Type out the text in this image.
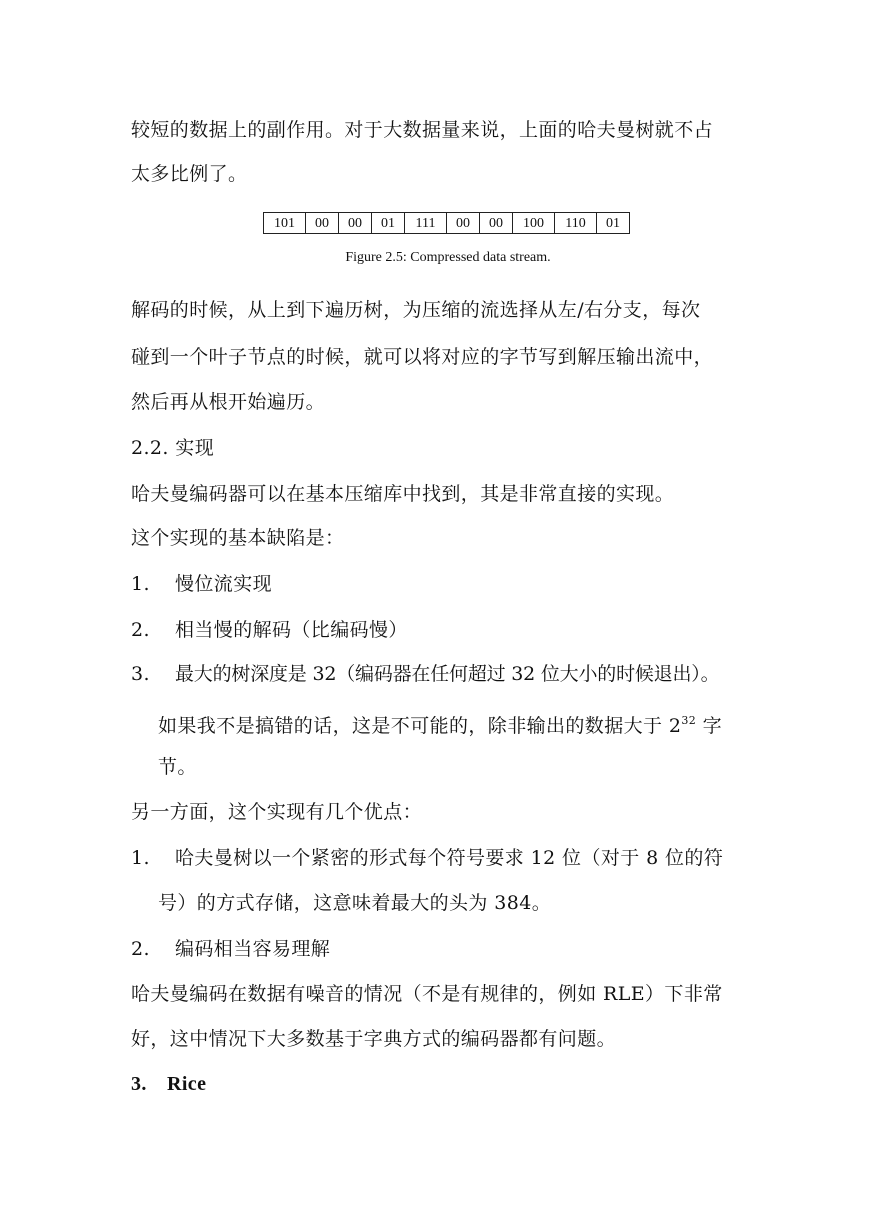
较短的数据上的副作用。对于大数据量来说，上面的哈夫曼树就不占
太多比例了。
101	00	00	01	111	00	00	100	110	01
Figure 2.5: Compressed data stream.
解码的时候，从上到下遍历树，为压缩的流选择从左/右分支，每次
碰到一个叶子节点的时候，就可以将对应的字节写到解压输出流中，
然后再从根开始遍历。
2.2. 实现
哈夫曼编码器可以在基本压缩库中找到，其是非常直接的实现。
这个实现的基本缺陷是：
1. 慢位流实现
2. 相当慢的解码（比编码慢）
3. 最大的树深度是 32（编码器在任何超过 32 位大小的时候退出）。
如果我不是搞错的话，这是不可能的，除非输出的数据大于 $2^{32}$ 字
节。
另一方面，这个实现有几个优点：
1. 哈夫曼树以一个紧密的形式每个符号要求 12 位（对于 8 位的符
号）的方式存储，这意味着最大的头为 384。
2. 编码相当容易理解
哈夫曼编码在数据有噪音的情况（不是有规律的，例如 RLE）下非常
好，这中情况下大多数基于字典方式的编码器都有问题。
3. Rice
